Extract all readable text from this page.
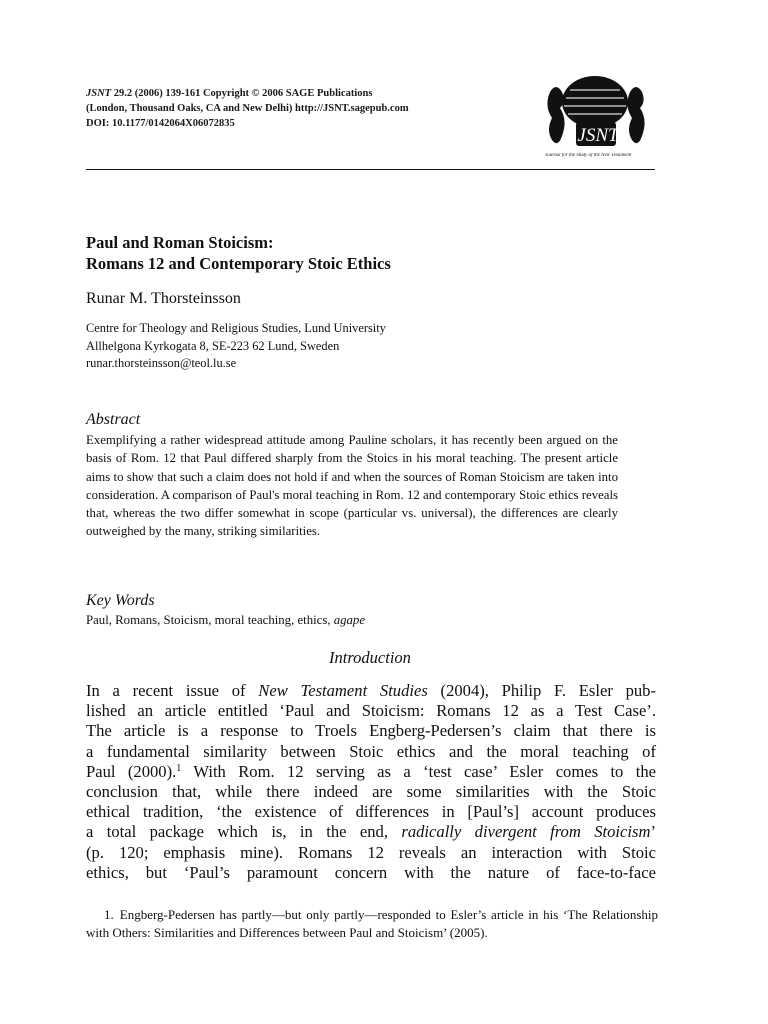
JSNT 29.2 (2006) 139-161 Copyright © 2006 SAGE Publications
(London, Thousand Oaks, CA and New Delhi) http://JSNT.sagepub.com
DOI: 10.1177/0142064X06072835
JSNT
Journal for the Study of the New Testament
Paul and Roman Stoicism:
Romans 12 and Contemporary Stoic Ethics
Runar M. Thorsteinsson
Centre for Theology and Religious Studies, Lund University
Allhelgona Kyrkogata 8, SE-223 62 Lund, Sweden
runar.thorsteinsson@teol.lu.se
Abstract
Exemplifying a rather widespread attitude among Pauline scholars, it has recently been argued on the basis of Rom. 12 that Paul differed sharply from the Stoics in his moral teaching. The present article aims to show that such a claim does not hold if and when the sources of Roman Stoicism are taken into consideration. A comparison of Paul's moral teaching in Rom. 12 and contemporary Stoic ethics reveals that, whereas the two differ somewhat in scope (particular vs. universal), the differences are clearly outweighed by the many, striking similarities.
Key Words
Paul, Romans, Stoicism, moral teaching, ethics, agape
Introduction
In a recent issue of New Testament Studies (2004), Philip F. Esler pub-
lished an article entitled ‘Paul and Stoicism: Romans 12 as a Test Case’.
The article is a response to Troels Engberg-Pedersen’s claim that there is
a fundamental similarity between Stoic ethics and the moral teaching of
Paul (2000).$^1$ With Rom. 12 serving as a ‘test case’ Esler comes to the
conclusion that, while there indeed are some similarities with the Stoic
ethical tradition, ‘the existence of differences in [Paul’s] account produces
a total package which is, in the end, radically divergent from Stoicism’
(p. 120; emphasis mine). Romans 12 reveals an interaction with Stoic
ethics, but ‘Paul’s paramount concern with the nature of face-to-face
1. Engberg-Pedersen has partly—but only partly—responded to Esler’s article in his ‘The Relationship with Others: Similarities and Differences between Paul and Stoicism’ (2005).
